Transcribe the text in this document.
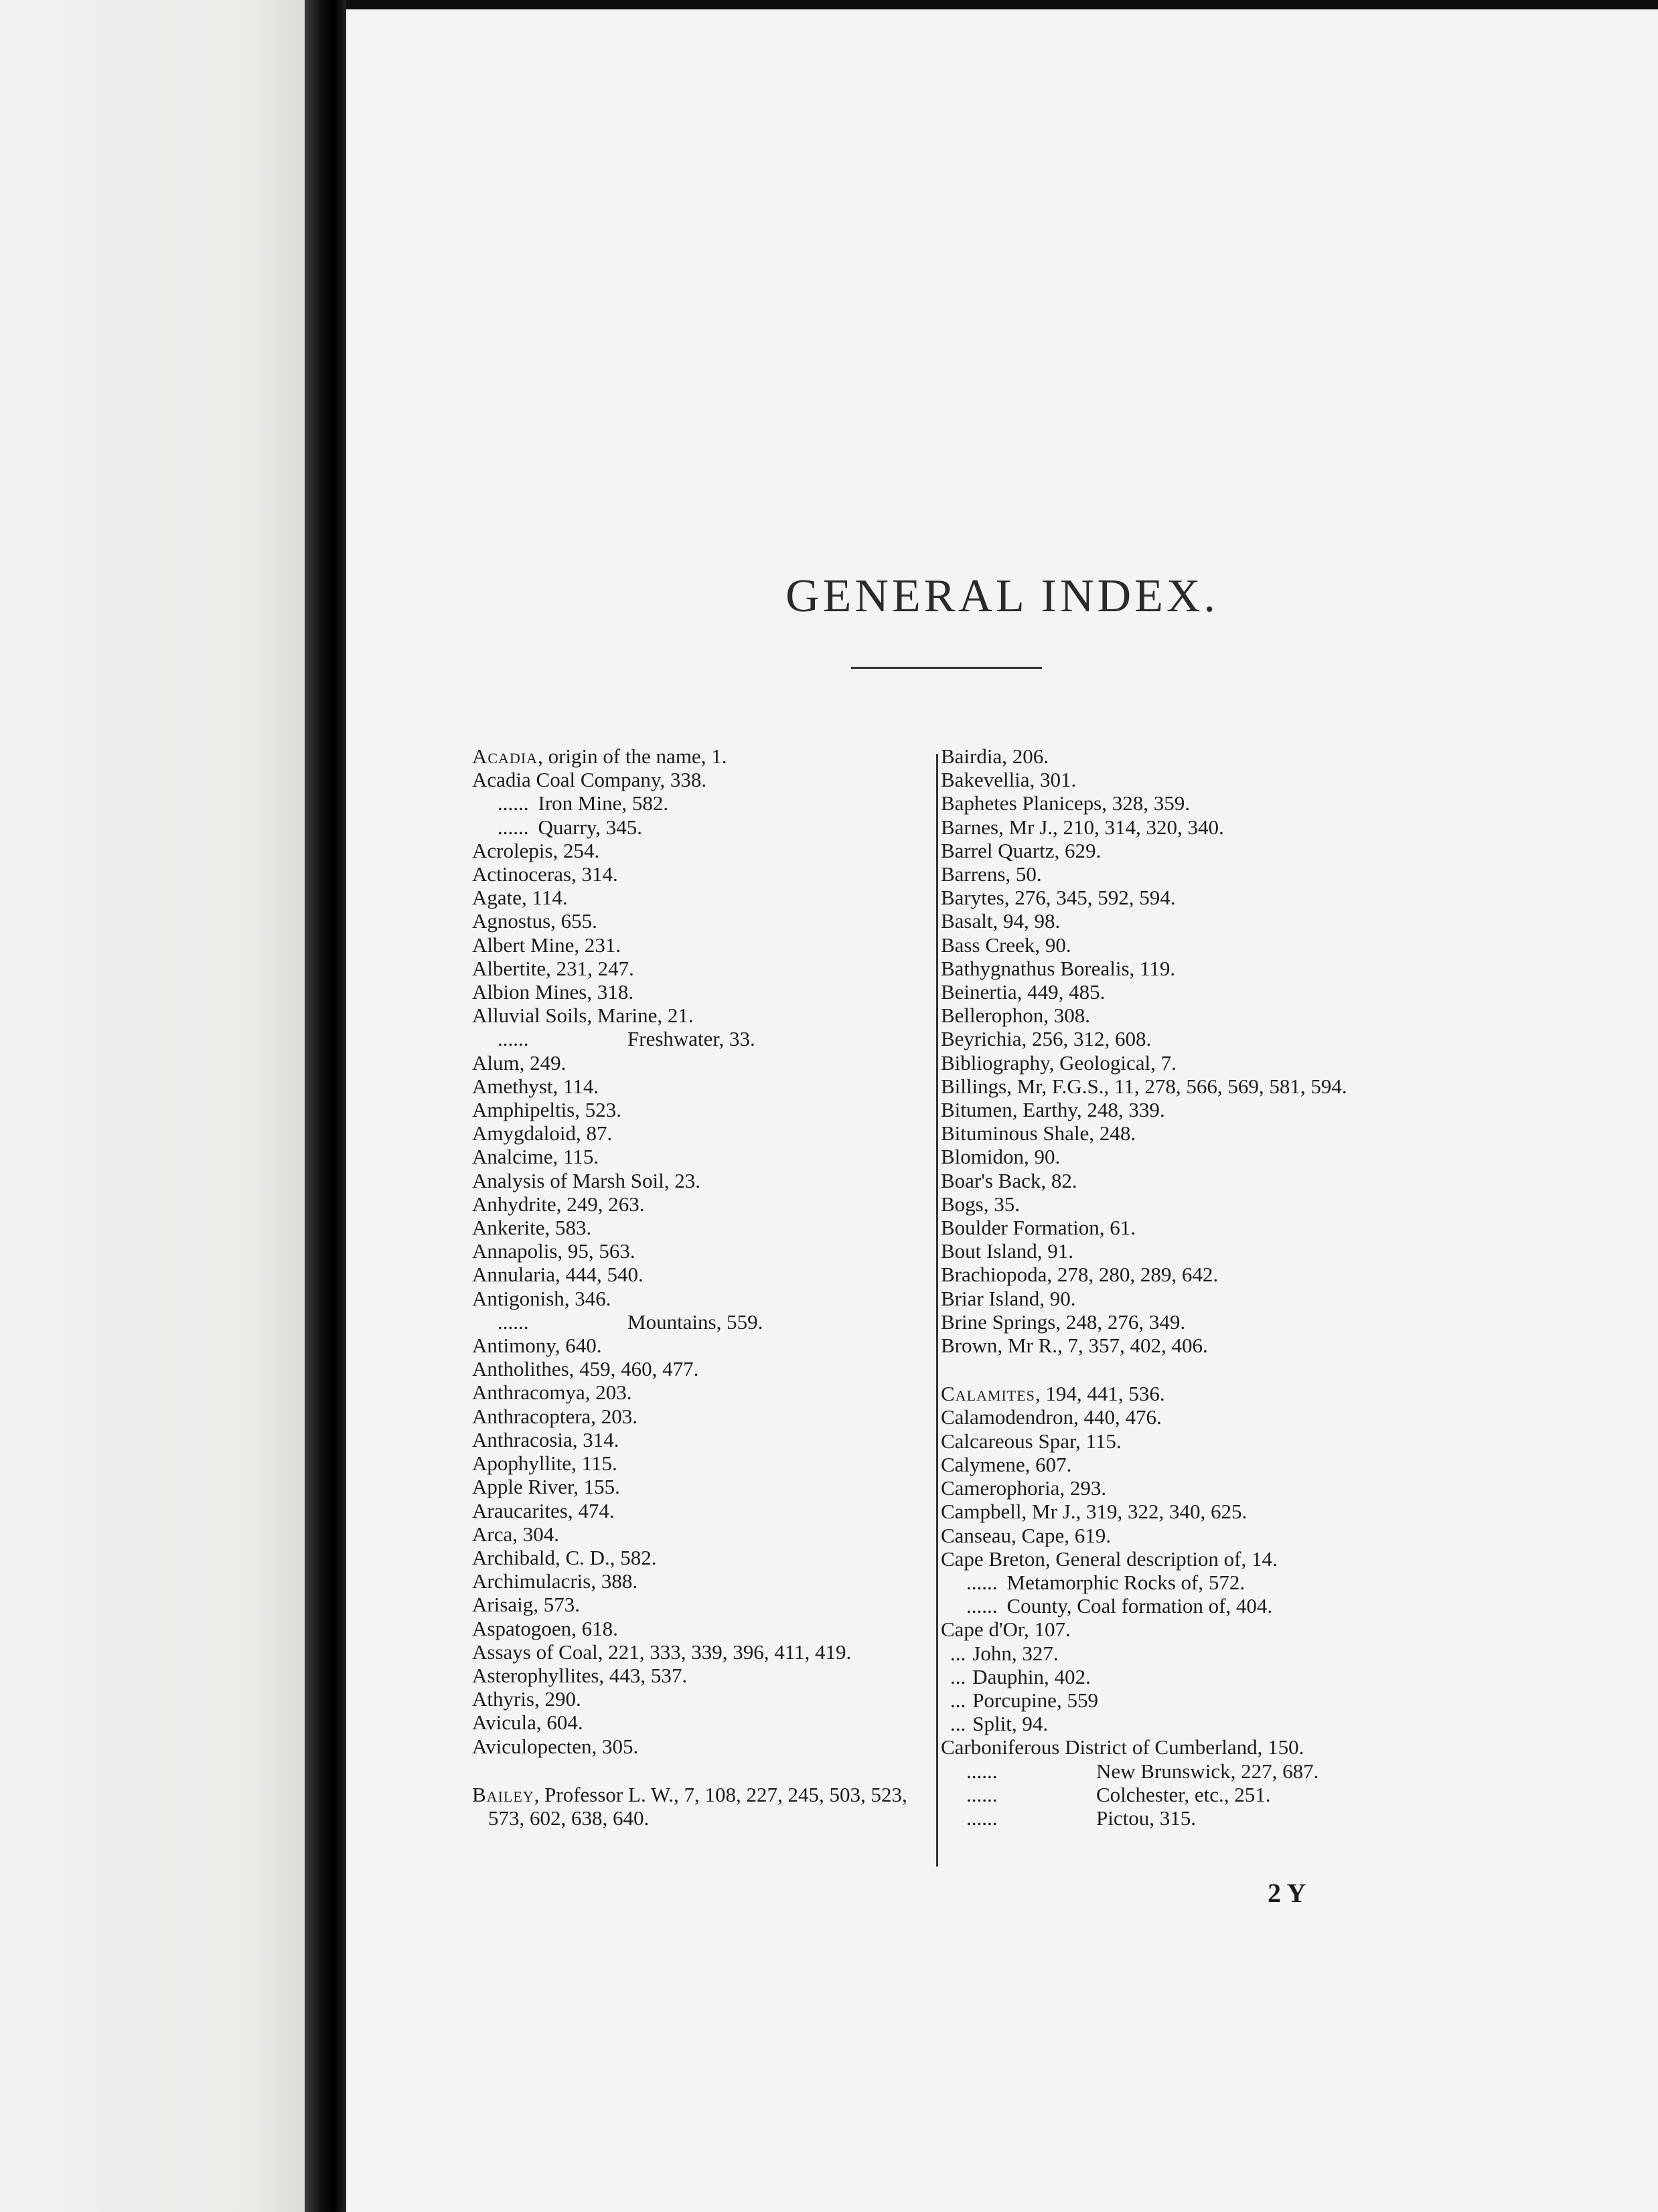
GENERAL INDEX.
Acadia, origin of the name, 1.
Acadia Coal Company, 338.
...... Iron Mine, 582.
...... Quarry, 345.
Acrolepis, 254.
Actinoceras, 314.
Agate, 114.
Agnostus, 655.
Albert Mine, 231.
Albertite, 231, 247.
Albion Mines, 318.
Alluvial Soils, Marine, 21.
......	Freshwater, 33.
Alum, 249.
Amethyst, 114.
Amphipeltis, 523.
Amygdaloid, 87.
Analcime, 115.
Analysis of Marsh Soil, 23.
Anhydrite, 249, 263.
Ankerite, 583.
Annapolis, 95, 563.
Annularia, 444, 540.
Antigonish, 346.
......	Mountains, 559.
Antimony, 640.
Antholithes, 459, 460, 477.
Anthracomya, 203.
Anthracoptera, 203.
Anthracosia, 314.
Apophyllite, 115.
Apple River, 155.
Araucarites, 474.
Arca, 304.
Archibald, C. D., 582.
Archimulacris, 388.
Arisaig, 573.
Aspatogoen, 618.
Assays of Coal, 221, 333, 339, 396, 411, 419.
Asterophyllites, 443, 537.
Athyris, 290.
Avicula, 604.
Aviculopecten, 305.
Bailey, Professor L. W., 7, 108, 227, 245, 503, 523, 573, 602, 638, 640.
Bairdia, 206.
Bakevellia, 301.
Baphetes Planiceps, 328, 359.
Barnes, Mr J., 210, 314, 320, 340.
Barrel Quartz, 629.
Barrens, 50.
Barytes, 276, 345, 592, 594.
Basalt, 94, 98.
Bass Creek, 90.
Bathygnathus Borealis, 119.
Beinertia, 449, 485.
Bellerophon, 308.
Beyrichia, 256, 312, 608.
Bibliography, Geological, 7.
Billings, Mr, F.G.S., 11, 278, 566, 569, 581, 594.
Bitumen, Earthy, 248, 339.
Bituminous Shale, 248.
Blomidon, 90.
Boar's Back, 82.
Bogs, 35.
Boulder Formation, 61.
Bout Island, 91.
Brachiopoda, 278, 280, 289, 642.
Briar Island, 90.
Brine Springs, 248, 276, 349.
Brown, Mr R., 7, 357, 402, 406.
Calamites, 194, 441, 536.
Calamodendron, 440, 476.
Calcareous Spar, 115.
Calymene, 607.
Camerophoria, 293.
Campbell, Mr J., 319, 322, 340, 625.
Canseau, Cape, 619.
Cape Breton, General description of, 14.
...... Metamorphic Rocks of, 572.
...... County, Coal formation of, 404.
Cape d'Or, 107.
... John, 327.
... Dauphin, 402.
... Porcupine, 559
... Split, 94.
Carboniferous District of Cumberland, 150.
......	New Brunswick, 227, 687.
......	Colchester, etc., 251.
......	Pictou, 315.
2 Y
